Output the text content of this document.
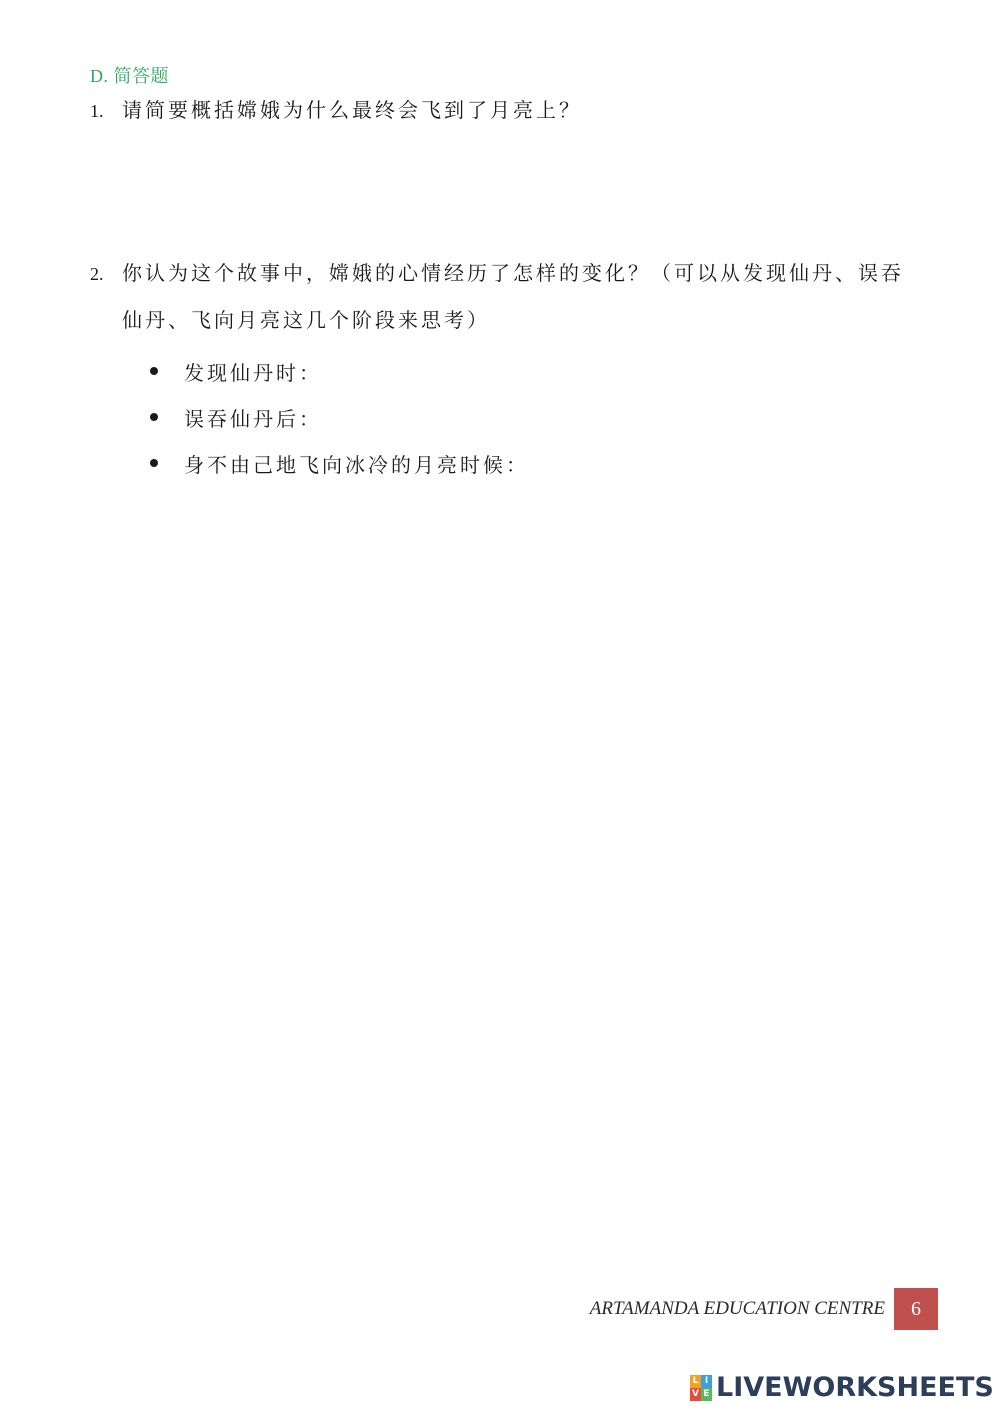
D. 简答题
1. 请简要概括嫦娥为什么最终会飞到了月亮上？
2. 你认为这个故事中，嫦娥的心情经历了怎样的变化？（可以从发现仙丹、误吞
仙丹、飞向月亮这几个阶段来思考）
发现仙丹时：
误吞仙丹后：
身不由己地飞向冰冷的月亮时候：
ARTAMANDA EDUCATION CENTRE 6
L I
V E LIVEWORKSHEETS
